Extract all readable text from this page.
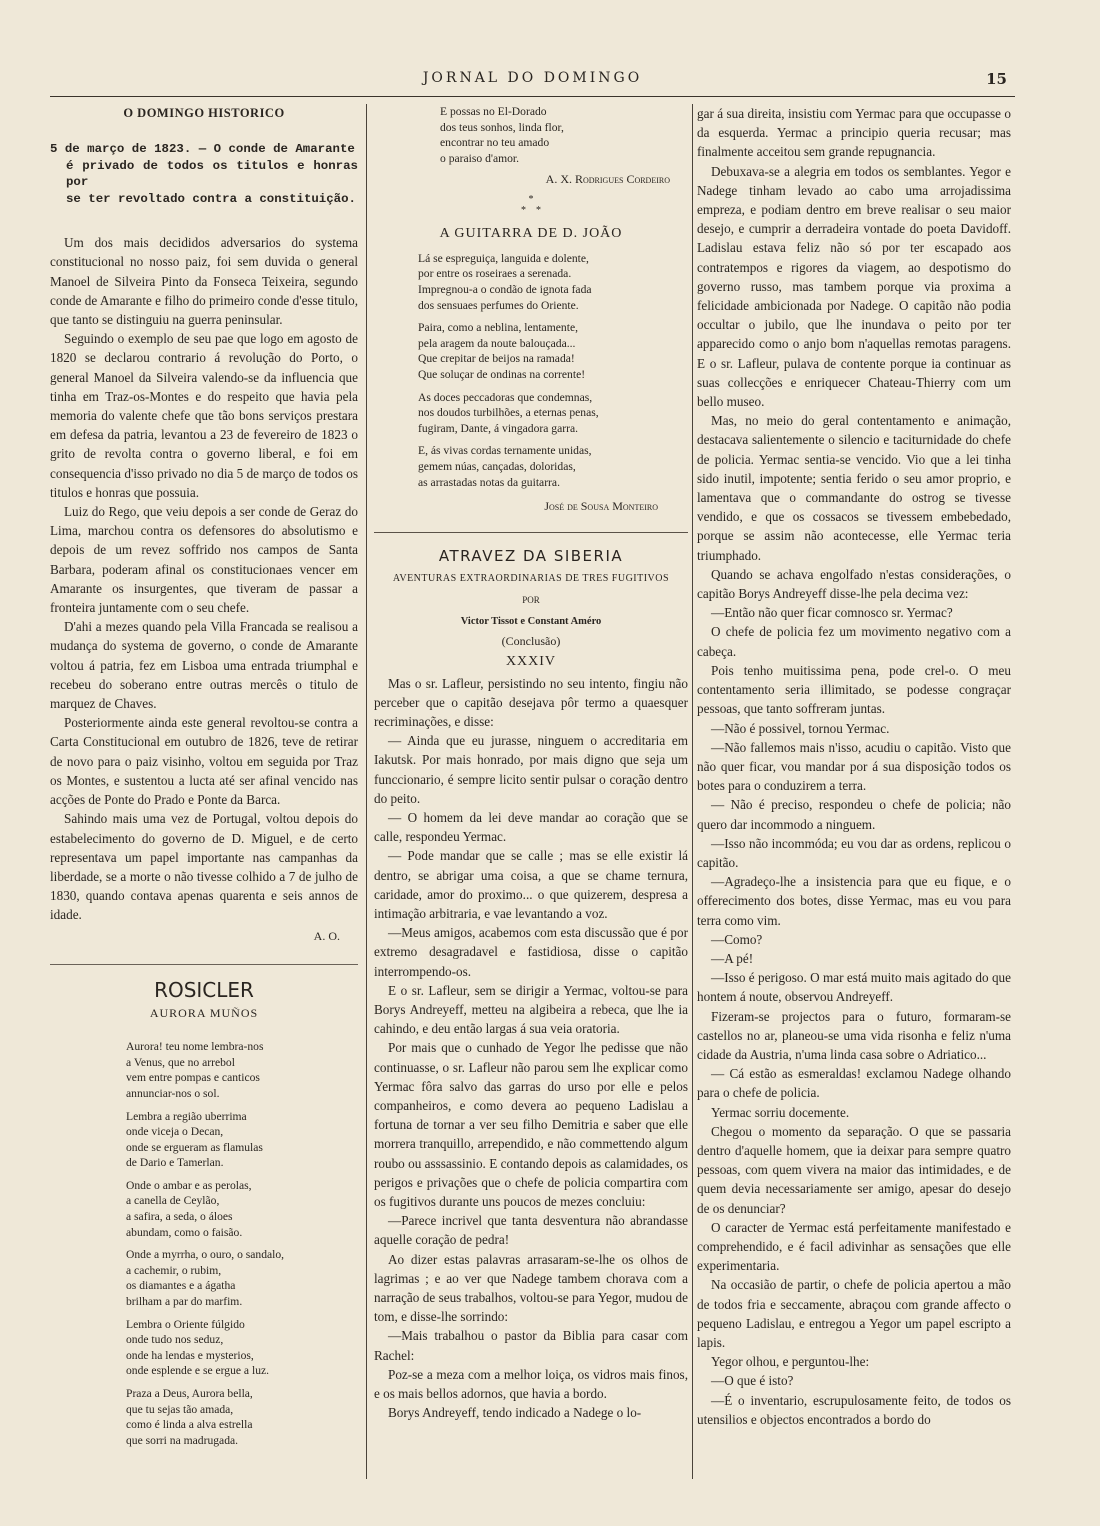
JORNAL DO DOMINGO	15

O DOMINGO HISTORICO

5 de março de 1823. — O conde de Amarante
é privado de todos os titulos e honras por
se ter revoltado contra a constituição.

Um dos mais decididos adversarios do systema constitucional no nosso paiz, foi sem duvida o general Manoel de Silveira Pinto da Fonseca Teixeira, segundo conde de Amarante e filho do primeiro conde d'esse titulo, que tanto se distinguiu na guerra peninsular.

Seguindo o exemplo de seu pae que logo em agosto de 1820 se declarou contrario á revolução do Porto, o general Manoel da Silveira valendo-se da influencia que tinha em Traz-os-Montes e do respeito que havia pela memoria do valente chefe que tão bons serviços prestara em defesa da patria, levantou a 23 de fevereiro de 1823 o grito de revolta contra o governo liberal, e foi em consequencia d'isso privado no dia 5 de março de todos os titulos e honras que possuia.

Luiz do Rego, que veiu depois a ser conde de Geraz do Lima, marchou contra os defensores do absolutismo e depois de um revez soffrido nos campos de Santa Barbara, poderam afinal os constitucionaes vencer em Amarante os insurgentes, que tiveram de passar a fronteira juntamente com o seu chefe.

D'ahi a mezes quando pela Villa Francada se realisou a mudança do systema de governo, o conde de Amarante voltou á patria, fez em Lisboa uma entrada triumphal e recebeu do soberano entre outras mercês o titulo de marquez de Chaves.

Posteriormente ainda este general revoltou-se contra a Carta Constitucional em outubro de 1826, teve de retirar de novo para o paiz visinho, voltou em seguida por Traz os Montes, e sustentou a lucta até ser afinal vencido nas acções de Ponte do Prado e Ponte da Barca.

Sahindo mais uma vez de Portugal, voltou depois do estabelecimento do governo de D. Miguel, e de certo representava um papel importante nas campanhas da liberdade, se a morte o não tivesse colhido a 7 de julho de 1830, quando contava apenas quarenta e seis annos de idade.

A. O.

ROSICLER

AURORA MUÑOS

Aurora! teu nome lembra-nos
a Venus, que no arrebol
vem entre pompas e canticos
annunciar-nos o sol.
Lembra a região uberrima
onde viceja o Decan,
onde se ergueram as flamulas
de Dario e Tamerlan.
Onde o ambar e as perolas,
a canella de Ceylão,
a safira, a seda, o áloes
abundam, como o faisão.
Onde a myrrha, o ouro, o sandalo,
a cachemir, o rubim,
os diamantes e a ágatha
brilham a par do marfim.
Lembra o Oriente fúlgido
onde tudo nos seduz,
onde ha lendas e mysterios,
onde esplende e se ergue a luz.
Praza a Deus, Aurora bella,
que tu sejas tão amada,
como é linda a alva estrella
que sorri na madrugada.
E possas no El-Dorado
dos teus sonhos, linda flor,
encontrar no teu amado
o paraiso d'amor.

A. X. Rodrigues Cordeiro

*
*    *

A GUITARRA DE D. JOÃO

Lá se espreguiça, languida e dolente,
por entre os roseiraes a serenada.
Impregnou-a o condão de ignota fada
dos sensuaes perfumes do Oriente.
Paira, como a neblina, lentamente,
pela aragem da noute balouçada...
Que crepitar de beijos na ramada!
Que soluçar de ondinas na corrente!
As doces peccadoras que condemnas,
nos doudos turbilhões, a eternas penas,
fugiram, Dante, á vingadora garra.
E, ás vivas cordas ternamente unidas,
gemem núas, cançadas, doloridas,
as arrastadas notas da guitarra.

José de Sousa Monteiro

ATRAVEZ DA SIBERIA

AVENTURAS EXTRAORDINARIAS DE TRES FUGITIVOS

POR

Victor Tissot e Constant Améro

(Conclusão)

XXXIV

Mas o sr. Lafleur, persistindo no seu intento, fingiu não perceber que o capitão desejava pôr termo a quaesquer recriminações, e disse:

— Ainda que eu jurasse, ninguem o accreditaria em Iakutsk. Por mais honrado, por mais digno que seja um funccionario, é sempre licito sentir pulsar o coração dentro do peito.

— O homem da lei deve mandar ao coração que se calle, respondeu Yermac.

— Pode mandar que se calle ; mas se elle existir lá dentro, se abrigar uma coisa, a que se chame ternura, caridade, amor do proximo... o que quizerem, despresa a intimação arbitraria, e vae levantando a voz.

—Meus amigos, acabemos com esta discussão que é por extremo desagradavel e fastidiosa, disse o capitão interrompendo-os.

E o sr. Lafleur, sem se dirigir a Yermac, voltou-se para Borys Andreyeff, metteu na algibeira a rebeca, que lhe ia cahindo, e deu então largas á sua veia oratoria.

Por mais que o cunhado de Yegor lhe pedisse que não continuasse, o sr. Lafleur não parou sem lhe explicar como Yermac fôra salvo das garras do urso por elle e pelos companheiros, e como devera ao pequeno Ladislau a fortuna de tornar a ver seu filho Demitria e saber que elle morrera tranquillo, arrependido, e não commettendo algum roubo ou asssassinio. E contando depois as calamidades, os perigos e privações que o chefe de policia compartira com os fugitivos durante uns poucos de mezes concluiu:

—Parece incrivel que tanta desventura não abrandasse aquelle coração de pedra!

Ao dizer estas palavras arrasaram-se-lhe os olhos de lagrimas ; e ao ver que Nadege tambem chorava com a narração de seus trabalhos, voltou-se para Yegor, mudou de tom, e disse-lhe sorrindo:

—Mais trabalhou o pastor da Biblia para casar com Rachel:

Poz-se a meza com a melhor loiça, os vidros mais finos, e os mais bellos adornos, que havia a bordo.

Borys Andreyeff, tendo indicado a Nadege o lo-

gar á sua direita, insistiu com Yermac para que occupasse o da esquerda. Yermac a principio queria recusar; mas finalmente acceitou sem grande repugnancia.

Debuxava-se a alegria em todos os semblantes. Yegor e Nadege tinham levado ao cabo uma arrojadissima empreza, e podiam dentro em breve realisar o seu maior desejo, e cumprir a derradeira vontade do poeta Davidoff. Ladislau estava feliz não só por ter escapado aos contratempos e rigores da viagem, ao despotismo do governo russo, mas tambem porque via proxima a felicidade ambicionada por Nadege. O capitão não podia occultar o jubilo, que lhe inundava o peito por ter apparecido como o anjo bom n'aquellas remotas paragens. E o sr. Lafleur, pulava de contente porque ia continuar as suas collecções e enriquecer Chateau-Thierry com um bello museo.

Mas, no meio do geral contentamento e animação, destacava salientemente o silencio e taciturnidade do chefe de policia. Yermac sentia-se vencido. Vio que a lei tinha sido inutil, impotente; sentia ferido o seu amor proprio, e lamentava que o commandante do ostrog se tivesse vendido, e que os cossacos se tivessem embebedado, porque se assim não acontecesse, elle Yermac teria triumphado.

Quando se achava engolfado n'estas considerações, o capitão Borys Andreyeff disse-lhe pela decima vez:

—Então não quer ficar comnosco sr. Yermac?

O chefe de policia fez um movimento negativo com a cabeça.

Pois tenho muitissima pena, pode crel-o. O meu contentamento seria illimitado, se podesse congraçar pessoas, que tanto soffreram juntas.

—Não é possivel, tornou Yermac.

—Não fallemos mais n'isso, acudiu o capitão. Visto que não quer ficar, vou mandar por á sua disposição todos os botes para o conduzirem a terra.

— Não é preciso, respondeu o chefe de policia; não quero dar incommodo a ninguem.

—Isso não incommóda; eu vou dar as ordens, replicou o capitão.

—Agradeço-lhe a insistencia para que eu fique, e o offerecimento dos botes, disse Yermac, mas eu vou para terra como vim.

—Como?

—A pé!

—Isso é perigoso. O mar está muito mais agitado do que hontem á noute, observou Andreyeff.

Fizeram-se projectos para o futuro, formaram-se castellos no ar, planeou-se uma vida risonha e feliz n'uma cidade da Austria, n'uma linda casa sobre o Adriatico...

— Cá estão as esmeraldas! exclamou Nadege olhando para o chefe de policia.

Yermac sorriu docemente.

Chegou o momento da separação. O que se passaria dentro d'aquelle homem, que ia deixar para sempre quatro pessoas, com quem vivera na maior das intimidades, e de quem devia necessariamente ser amigo, apesar do desejo de os denunciar?

O caracter de Yermac está perfeitamente manifestado e comprehendido, e é facil adivinhar as sensações que elle experimentaria.

Na occasião de partir, o chefe de policia apertou a mão de todos fria e seccamente, abraçou com grande affecto o pequeno Ladislau, e entregou a Yegor um papel escripto a lapis.

Yegor olhou, e perguntou-lhe:

—O que é isto?

—É o inventario, escrupulosamente feito, de todos os utensilios e objectos encontrados a bordo do
